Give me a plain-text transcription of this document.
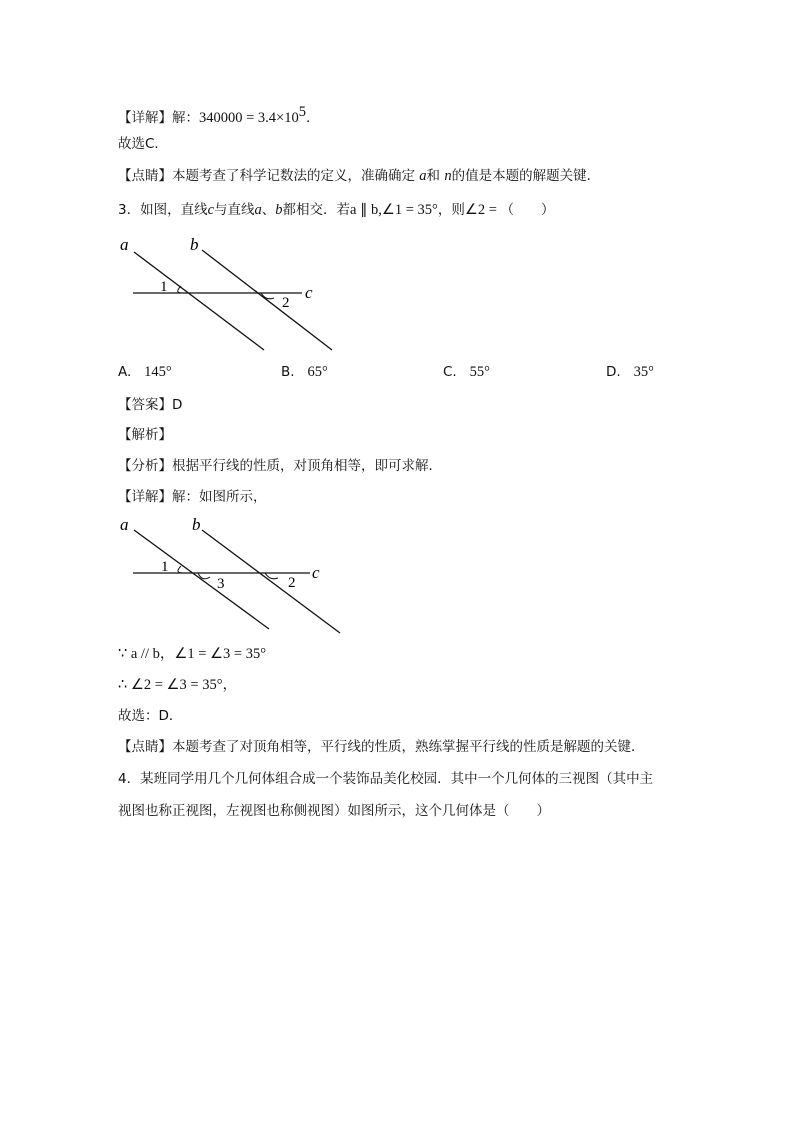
【详解】解：$340000 = 3.4\times 10^5$.
故选C．
【点睛】本题考查了科学记数法的定义，准确确定 a和 n的值是本题的解题关键．
3．如图，直线c与直线a、b都相交．若a ∥ b,∠1 = 35°，则∠2 = （　　）
a	b
c
1
2
A. 145°	B. 65°	C. 55°	D. 35°
【答案】D
【解析】
【分析】根据平行线的性质，对顶角相等，即可求解．
【详解】解：如图所示，
a	b
c
1
3	2
∵ a // b，∠1 = ∠3 = 35°
∴ ∠2 = ∠3 = 35°，
故选：D．
【点睛】本题考查了对顶角相等，平行线的性质，熟练掌握平行线的性质是解题的关键．
4．某班同学用几个几何体组合成一个装饰品美化校园．其中一个几何体的三视图（其中主
视图也称正视图，左视图也称侧视图）如图所示，这个几何体是（　　）
